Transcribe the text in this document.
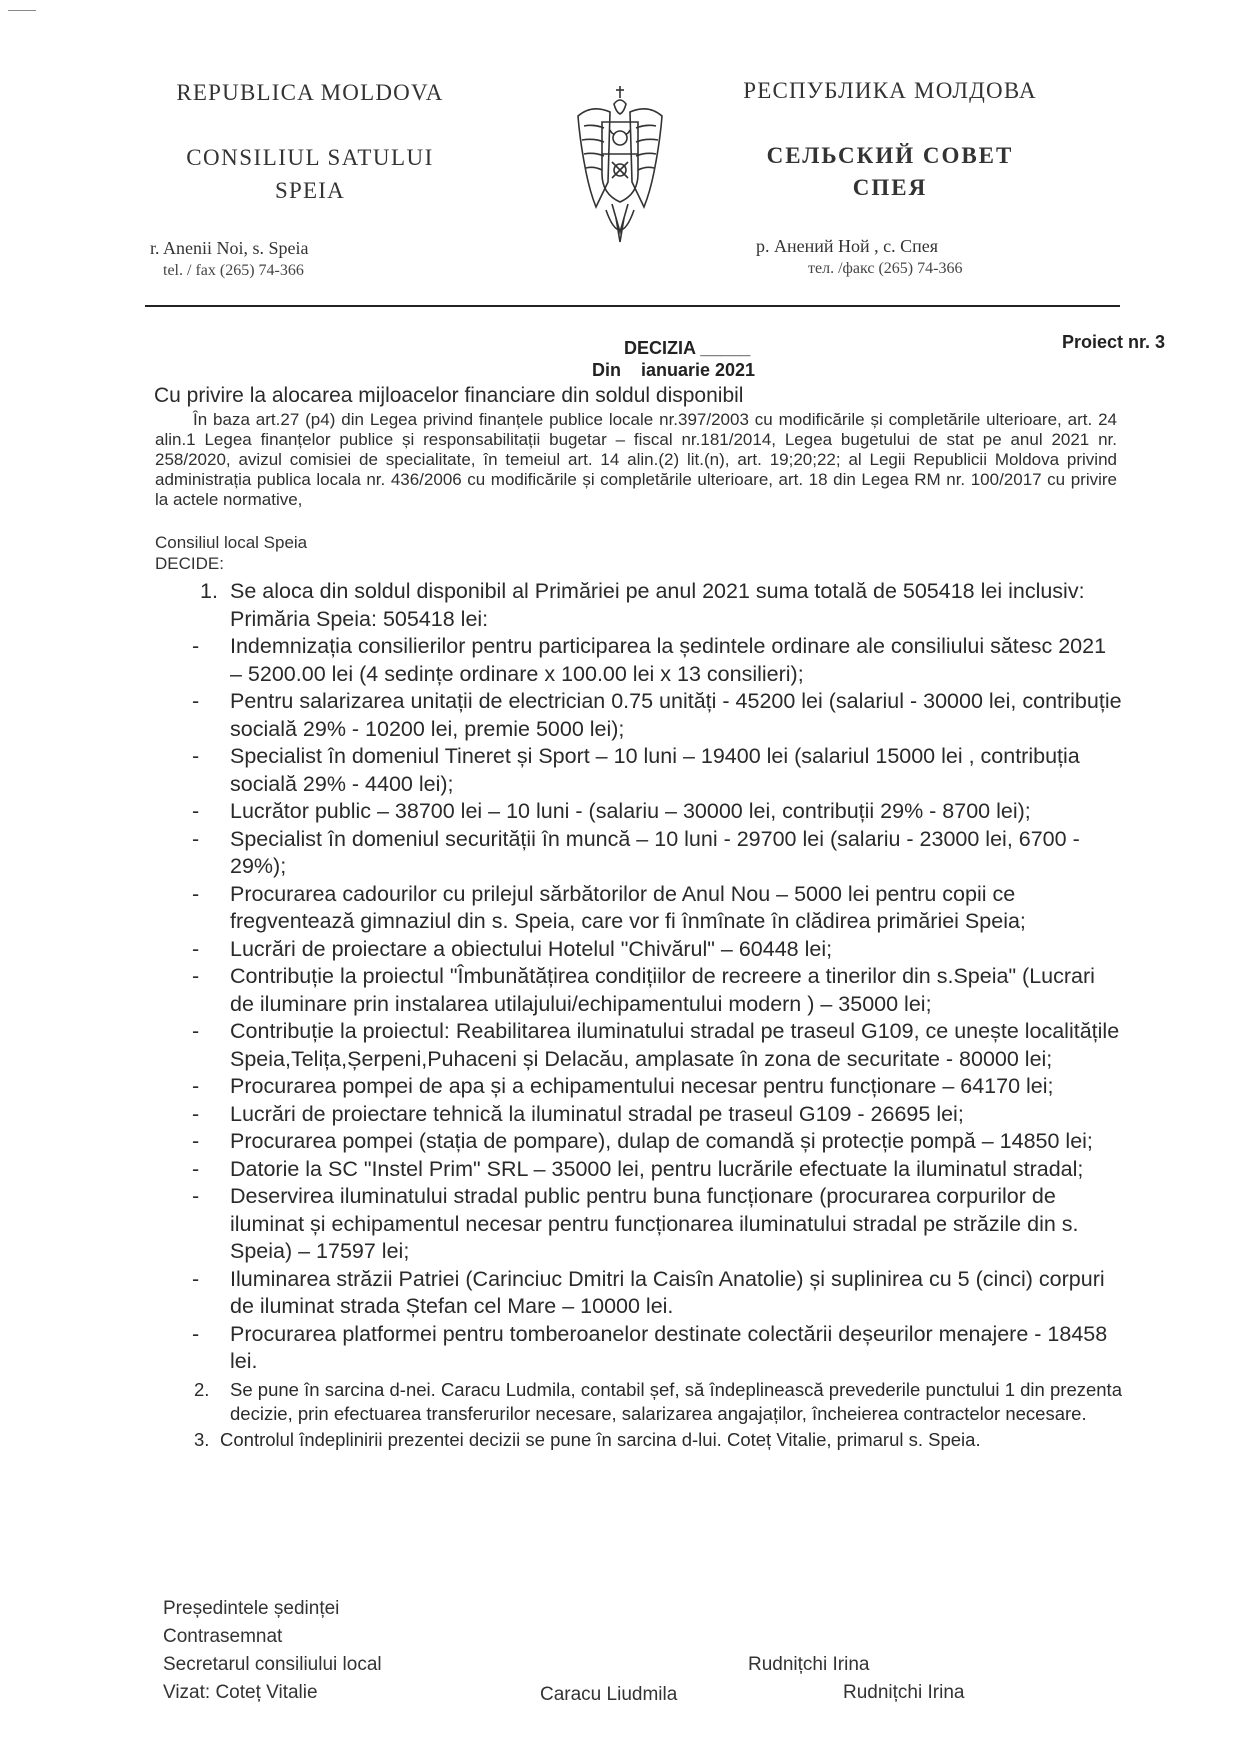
REPUBLICA MOLDOVA
CONSILIUL SATULUI
SPEIA
r. Anenii Noi, s. Speia
tel. / fax (265) 74-366
РЕСПУБЛИКА МОЛДОВА
СЕЛЬСКИЙ СОВЕТ
СПЕЯ
р. Анений Ной , с. Спея
тел. /факс (265) 74-366
DECIZIA _____	Proiect nr. 3
Din    ianuarie 2021
Cu privire la alocarea mijloacelor financiare din soldul disponibil
În baza art.27 (p4) din Legea privind finanțele publice locale nr.397/2003 cu modificările și completările ulterioare, art. 24 alin.1 Legea finanțelor publice și responsabilitații bugetar – fiscal nr.181/2014, Legea bugetului de stat pe anul 2021 nr. 258/2020, avizul comisiei de specialitate, în temeiul art. 14 alin.(2) lit.(n), art. 19;20;22; al Legii Republicii Moldova privind administrația publica locala nr. 436/2006 cu modificările și completările ulterioare, art. 18 din Legea RM nr. 100/2017 cu privire la actele normative,
Consiliul local Speia
DECIDE:
1. Se aloca din soldul disponibil al Primăriei pe anul 2021 suma totală de 505418 lei inclusiv: Primăria Speia: 505418 lei:
- Indemnizația consilierilor pentru participarea la ședintele ordinare ale consiliului sătesc 2021 – 5200.00 lei (4 sedințe ordinare x 100.00 lei x 13 consilieri);
- Pentru salarizarea unitații de electrician 0.75 unități - 45200 lei (salariul - 30000 lei, contribuție socială 29% - 10200 lei, premie 5000 lei);
- Specialist în domeniul Tineret și Sport – 10 luni – 19400 lei (salariul 15000 lei , contribuția socială 29% - 4400 lei);
- Lucrător public – 38700 lei – 10 luni - (salariu – 30000 lei, contribuții 29% - 8700 lei);
- Specialist în domeniul securității în muncă – 10 luni - 29700 lei (salariu - 23000 lei, 6700 - 29%);
- Procurarea cadourilor cu prilejul sărbătorilor de Anul Nou – 5000 lei pentru copii ce fregventează gimnaziul din s. Speia, care vor fi înmînate în clădirea primăriei Speia;
- Lucrări de proiectare a obiectului Hotelul "Chivărul" – 60448 lei;
- Contribuție la proiectul "Îmbunătățirea condițiilor de recreere a tinerilor din s.Speia" (Lucrari de iluminare prin instalarea utilajului/echipamentului modern ) – 35000 lei;
- Contribuție la proiectul: Reabilitarea iluminatului stradal pe traseul G109, ce unește localitățile Speia,Telița,Șerpeni,Puhaceni și Delacău, amplasate în zona de securitate - 80000 lei;
- Procurarea pompei de apa și a echipamentului necesar pentru funcționare – 64170 lei;
- Lucrări de proiectare tehnică la iluminatul stradal pe traseul G109 - 26695 lei;
- Procurarea pompei (stația de pompare), dulap de comandă și protecție pompă – 14850 lei;
- Datorie la SC "Instel Prim" SRL – 35000 lei, pentru lucrările efectuate la iluminatul stradal;
- Deservirea iluminatului stradal public pentru buna funcționare (procurarea corpurilor de iluminat și echipamentul necesar pentru funcționarea iluminatului stradal pe străzile din s. Speia) – 17597 lei;
- Iluminarea străzii Patriei (Carinciuc Dmitri la Caisîn Anatolie) și suplinirea cu 5 (cinci) corpuri de iluminat strada Ștefan cel Mare – 10000 lei.
- Procurarea platformei pentru tomberoanelor destinate colectării deșeurilor menajere - 18458 lei.
2. Se pune în sarcina d-nei. Caracu Ludmila, contabil șef, să îndeplinească prevederile punctului 1 din prezenta decizie, prin efectuarea transferurilor necesare, salarizarea angajaților, încheierea contractelor necesare.
3. Controlul îndeplinirii prezentei decizii se pune în sarcina d-lui. Coteț Vitalie, primarul s. Speia.
Președintele ședinței
Contrasemnat
Secretarul consiliului local	Rudnițchi Irina
Vizat: Coteț Vitalie	Caracu Liudmila	Rudnițchi Irina
